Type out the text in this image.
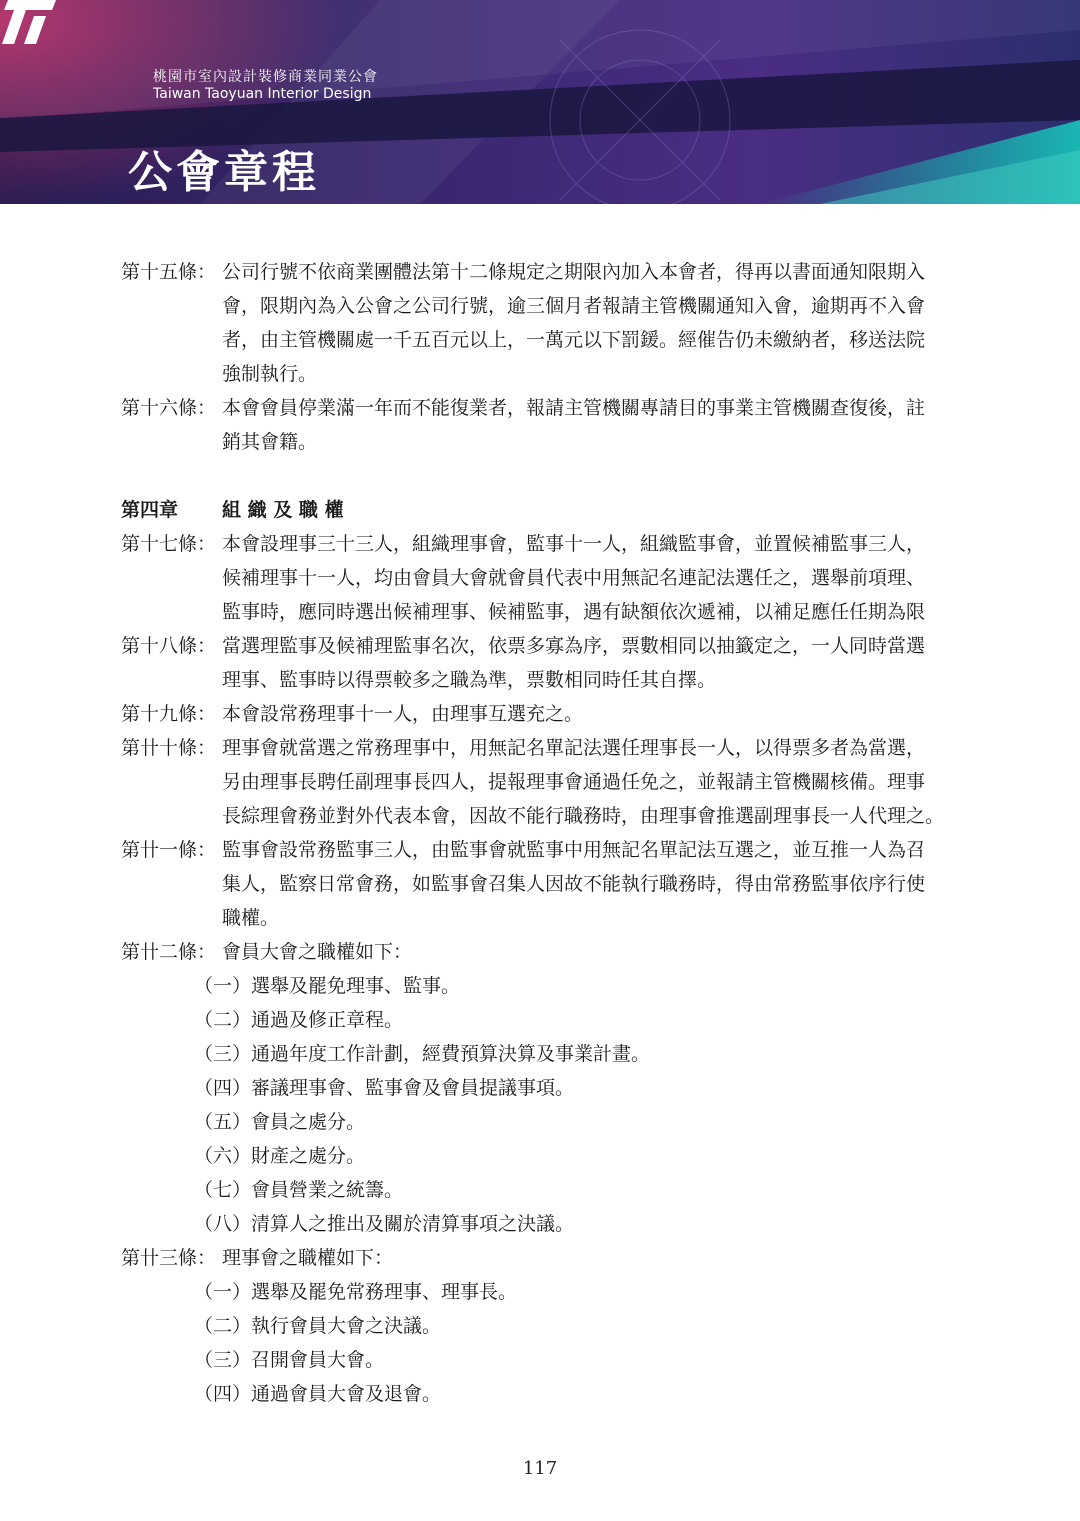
桃園市室內設計裝修商業同業公會
Taiwan Taoyuan Interior Design
公會章程
第十五條： 公司行號不依商業團體法第十二條規定之期限內加入本會者，得再以書面通知限期入
會，限期內為入公會之公司行號，逾三個月者報請主管機關通知入會，逾期再不入會
者，由主管機關處一千五百元以上，一萬元以下罰鍰。經催告仍未繳納者，移送法院
強制執行。
第十六條： 本會會員停業滿一年而不能復業者，報請主管機關專請目的事業主管機關查復後，註
銷其會籍。
第四章 組 織 及 職 權
第十七條： 本會設理事三十三人，組織理事會，監事十一人，組織監事會，並置候補監事三人，
候補理事十一人，均由會員大會就會員代表中用無記名連記法選任之，選舉前項理、
監事時，應同時選出候補理事、候補監事，遇有缺額依次遞補，以補足應任任期為限
第十八條： 當選理監事及候補理監事名次，依票多寡為序，票數相同以抽籤定之，一人同時當選
理事、監事時以得票較多之職為準，票數相同時任其自擇。
第十九條： 本會設常務理事十一人，由理事互選充之。
第卄十條： 理事會就當選之常務理事中，用無記名單記法選任理事長一人，以得票多者為當選，
另由理事長聘任副理事長四人，提報理事會通過任免之，並報請主管機關核備。理事
長綜理會務並對外代表本會，因故不能行職務時，由理事會推選副理事長一人代理之。
第卄一條： 監事會設常務監事三人，由監事會就監事中用無記名單記法互選之，並互推一人為召
集人，監察日常會務，如監事會召集人因故不能執行職務時，得由常務監事依序行使
職權。
第卄二條： 會員大會之職權如下：
（一）選舉及罷免理事、監事。
（二）通過及修正章程。
（三）通過年度工作計劃，經費預算決算及事業計畫。
（四）審議理事會、監事會及會員提議事項。
（五）會員之處分。
（六）財產之處分。
（七）會員營業之統籌。
（八）清算人之推出及關於清算事項之決議。
第卄三條： 理事會之職權如下：
（一）選舉及罷免常務理事、理事長。
（二）執行會員大會之決議。
（三）召開會員大會。
（四）通過會員大會及退會。
117
